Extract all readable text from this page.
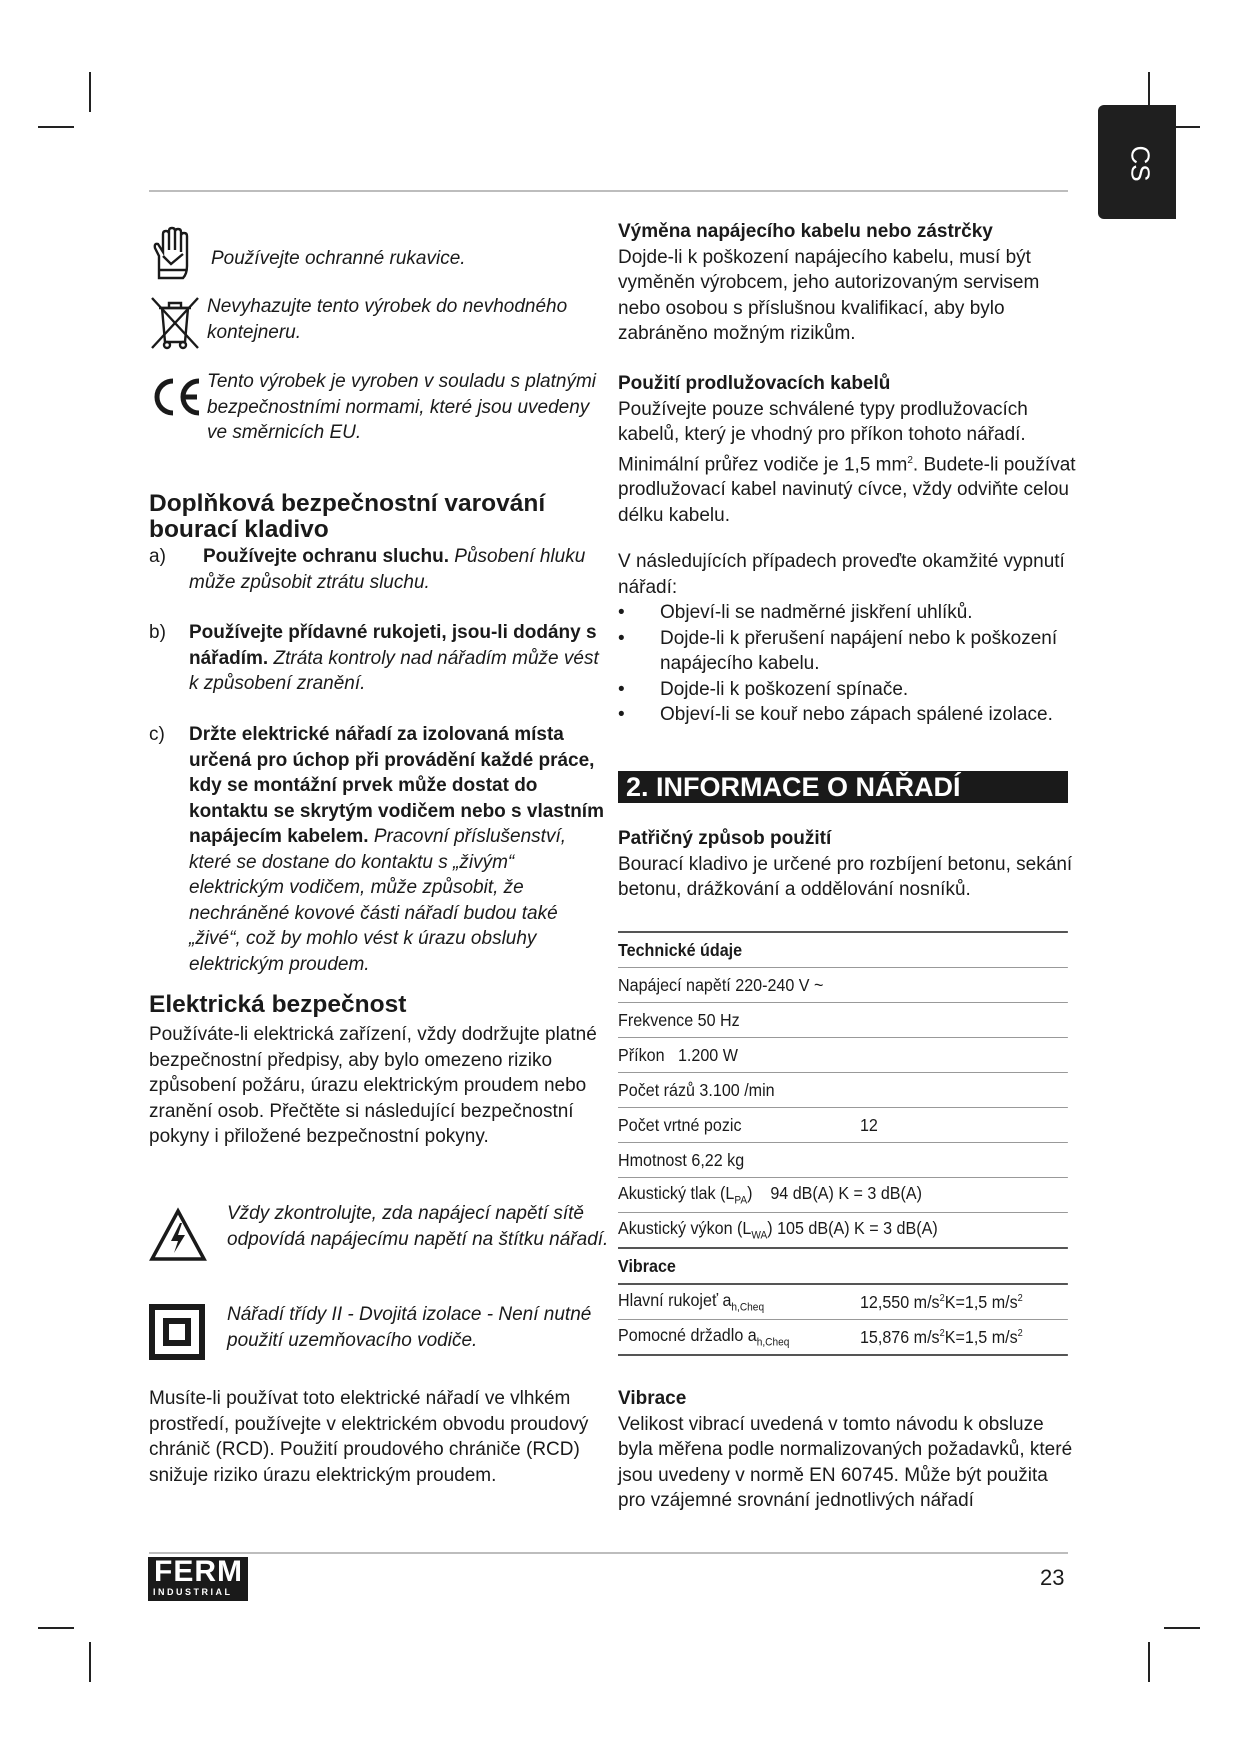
CS
Používejte ochranné rukavice.
Nevyhazujte tento výrobek do nevhodného kontejneru.
Tento výrobek je vyroben v souladu s platnými bezpečnostními normami, které jsou uvedeny ve směrnicích EU.
Doplňková bezpečnostní varování bourací kladivo
a)	Používejte ochranu sluchu. Působení hluku může způsobit ztrátu sluchu.
b)	Používejte přídavné rukojeti, jsou-li dodány s nářadím. Ztráta kontroly nad nářadím může vést k způsobení zranění.
c)	Držte elektrické nářadí za izolovaná místa určená pro úchop při provádění každé práce, kdy se montážní prvek může dostat do kontaktu se skrytým vodičem nebo s vlastním napájecím kabelem. Pracovní příslušenství, které se dostane do kontaktu s „živým“ elektrickým vodičem, může způsobit, že nechráněné kovové části nářadí budou také „živé“, což by mohlo vést k úrazu obsluhy elektrickým proudem.
Elektrická bezpečnost

Používáte-li elektrická zařízení, vždy dodržujte platné bezpečnostní předpisy, aby bylo omezeno riziko způsobení požáru, úrazu elektrickým proudem nebo zranění osob. Přečtěte si následující bezpečnostní pokyny i přiložené bezpečnostní pokyny.

Vždy zkontrolujte, zda napájecí napětí sítě odpovídá napájecímu napětí na štítku nářadí.
Nářadí třídy II - Dvojitá izolace - Není nutné použití uzemňovacího vodiče.

Musíte-li používat toto elektrické nářadí ve vlhkém prostředí, používejte v elektrickém obvodu proudový chránič (RCD). Použití proudového chrániče (RCD) snižuje riziko úrazu elektrickým proudem.

Výměna napájecího kabelu nebo zástrčky

Dojde-li k poškození napájecího kabelu, musí být vyměněn výrobcem, jeho autorizovaným servisem nebo osobou s příslušnou kvalifikací, aby bylo zabráněno možným rizikům.

Použití prodlužovacích kabelů

Používejte pouze schválené typy prodlužovacích kabelů, který je vhodný pro příkon tohoto nářadí. Minimální průřez vodiče je 1,5 $mm^2$. Budete-li používat prodlužovací kabel navinutý cívce, vždy odviňte celou délku kabelu.

V následujících případech proveďte okamžité vypnutí nářadí:

•	Objeví-li se nadměrné jiskření uhlíků.
•	Dojde-li k přerušení napájení nebo k poškození napájecího kabelu.
•	Dojde-li k poškození spínače.
•	Objeví-li se kouř nebo zápach spálené izolace.
2. INFORMACE O NÁŘADÍ

Patřičný způsob použití

Bourací kladivo je určené pro rozbíjení betonu, sekání betonu, drážkování a oddělování nosníků.

Technické údaje
Napájecí napětí 220-240 V ~
Frekvence 50 Hz
Příkon   1.200 W
Počet rázů 3.100 /min
Počet vrtné pozic	12
Hmotnost 6,22 kg
Akustický tlak $(L_{PA})$    94 dB(A) K = 3 dB(A)
Akustický výkon $(L_{WA})$ 105 dB(A) K = 3 dB(A)
Vibrace
Hlavní rukojeť $a_{h,Cheq}$	12,550 $m/s^2K=1,5$ $m/s^2$
Pomocné držadlo $a_{h,Cheq}$	15,876 $m/s^2K=1,5$ $m/s^2$

Vibrace

Velikost vibrací uvedená v tomto návodu k obsluze byla měřena podle normalizovaných požadavků, které jsou uvedeny v normě EN 60745. Může být použita pro vzájemné srovnání jednotlivých nářadí

FERM
INDUSTRIAL
23
